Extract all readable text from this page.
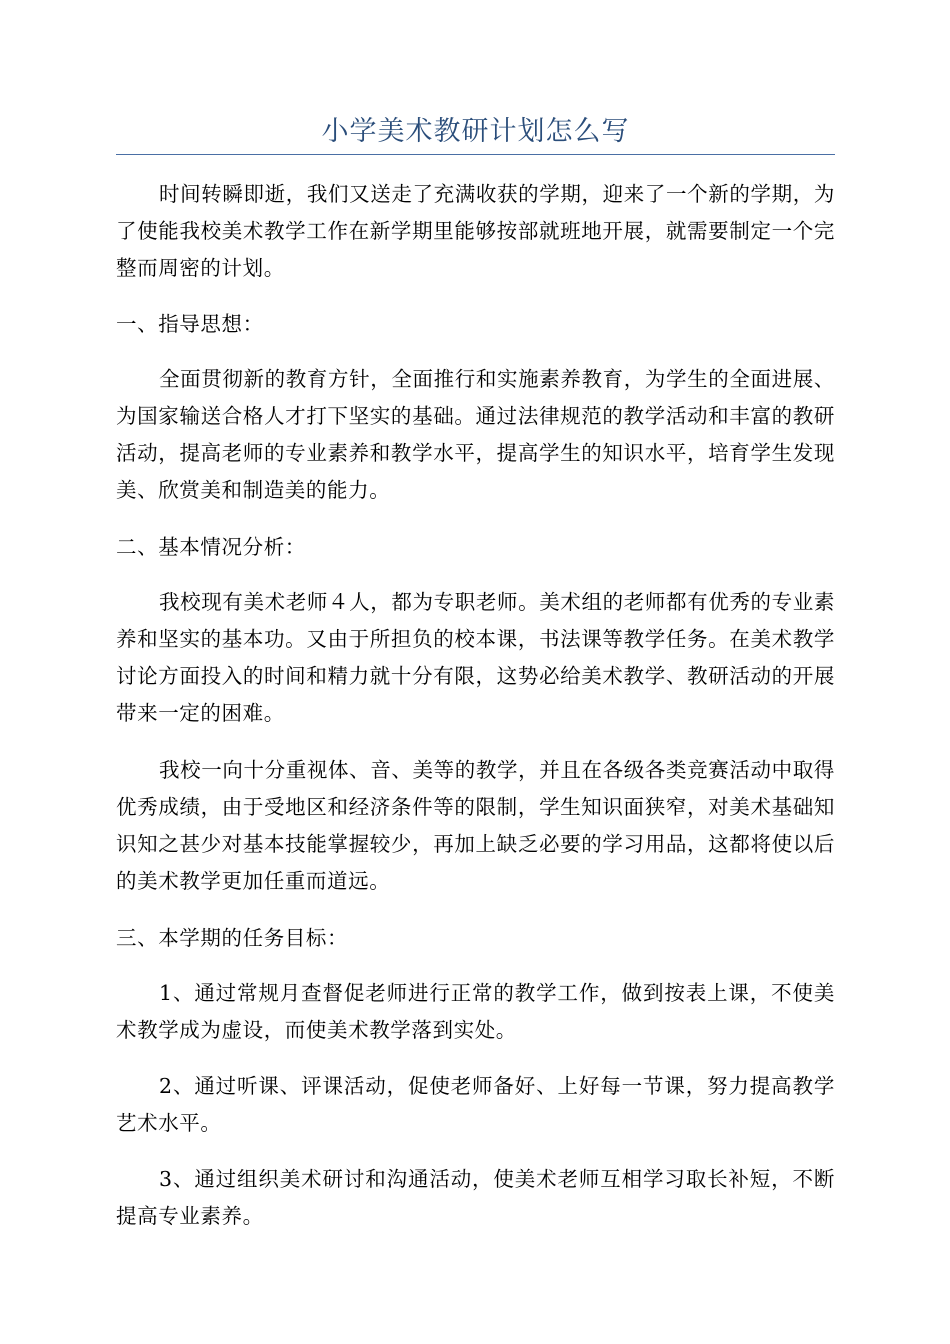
小学美术教研计划怎么写
时间转瞬即逝，我们又送走了充满收获的学期，迎来了一个新的学期，为了使能我校美术教学工作在新学期里能够按部就班地开展，就需要制定一个完整而周密的计划。
一、指导思想：
全面贯彻新的教育方针，全面推行和实施素养教育，为学生的全面进展、为国家输送合格人才打下坚实的基础。通过法律规范的教学活动和丰富的教研活动，提高老师的专业素养和教学水平，提高学生的知识水平，培育学生发现美、欣赏美和制造美的能力。
二、基本情况分析：
我校现有美术老师４人，都为专职老师。美术组的老师都有优秀的专业素养和坚实的基本功。又由于所担负的校本课，书法课等教学任务。在美术教学讨论方面投入的时间和精力就十分有限，这势必给美术教学、教研活动的开展带来一定的困难。
我校一向十分重视体、音、美等的教学，并且在各级各类竞赛活动中取得优秀成绩，由于受地区和经济条件等的限制，学生知识面狭窄，对美术基础知识知之甚少对基本技能掌握较少，再加上缺乏必要的学习用品，这都将使以后的美术教学更加任重而道远。
三、本学期的任务目标：
1、通过常规月查督促老师进行正常的教学工作，做到按表上课，不使美术教学成为虚设，而使美术教学落到实处。
2、通过听课、评课活动，促使老师备好、上好每一节课，努力提高教学艺术水平。
3、通过组织美术研讨和沟通活动，使美术老师互相学习取长补短，不断提高专业素养。
